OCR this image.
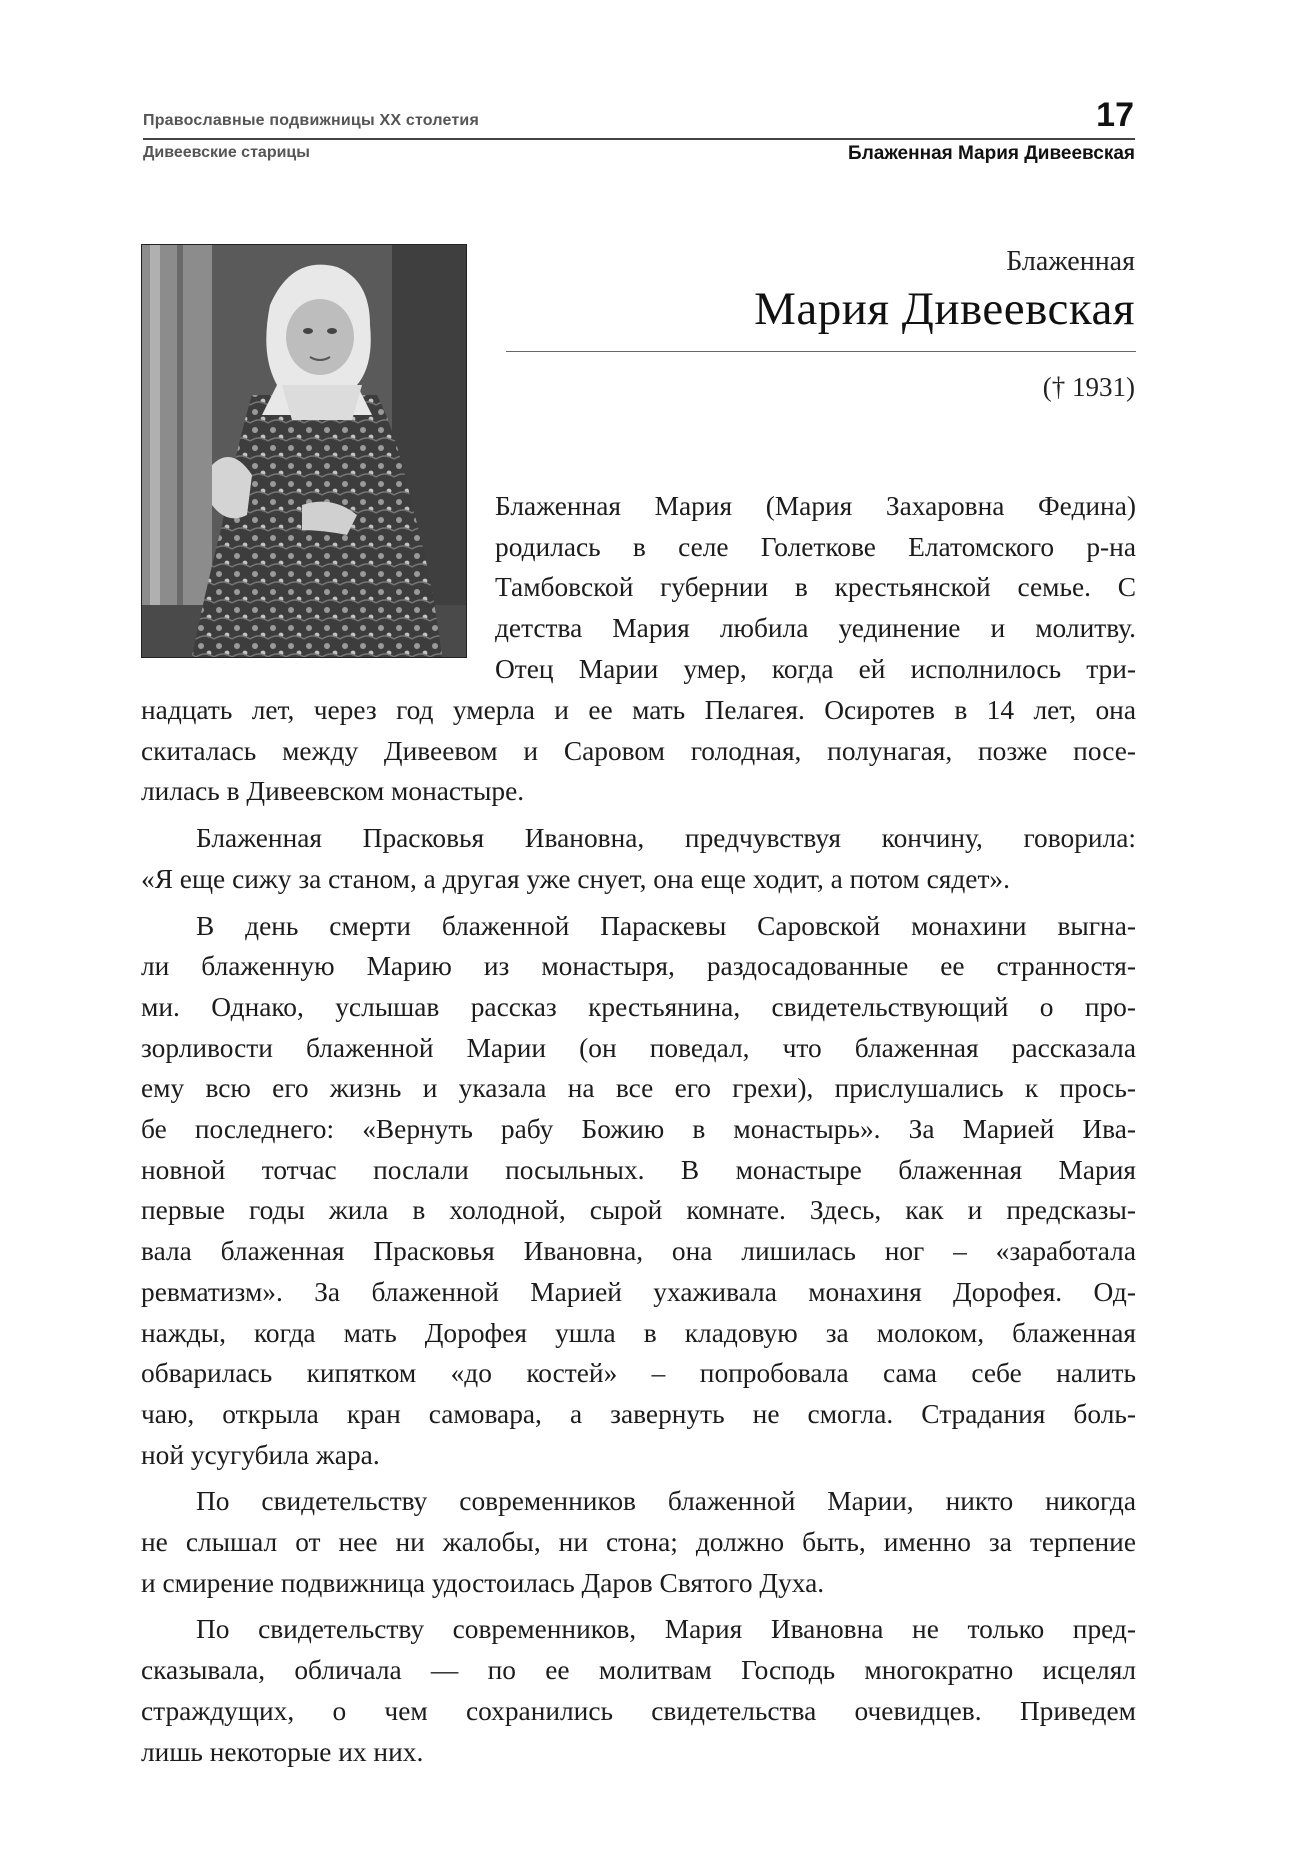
Православные подвижницы XX столетия	17
Дивеевские старицы	Блаженная Мария Дивеевская
Блаженная
Мария Дивеевская
(† 1931)

Блаженная Мария (Мария Захаровна Федина)

родилась в селе Голеткове Елатомского р-на

Тамбовской губернии в крестьянской семье. С

детства Мария любила уединение и молитву.

Отец Марии умер, когда ей исполнилось три-

надцать лет, через год умерла и ее мать Пелагея. Осиротев в 14 лет, она

скиталась между Дивеевом и Саровом голодная, полунагая, позже посе-

лилась в Дивеевском монастыре.

Блаженная Прасковья Ивановна, предчувствуя кончину, говорила:

«Я еще сижу за станом, а другая уже снует, она еще ходит, а потом сядет».

В день смерти блаженной Параскевы Саровской монахини выгна-

ли блаженную Марию из монастыря, раздосадованные ее странностя-

ми. Однако, услышав рассказ крестьянина, свидетельствующий о про-

зорливости блаженной Марии (он поведал, что блаженная рассказала

ему всю его жизнь и указала на все его грехи), прислушались к прось-

бе последнего: «Вернуть рабу Божию в монастырь». За Марией Ива-

новной тотчас послали посыльных. В монастыре блаженная Мария

первые годы жила в холодной, сырой комнате. Здесь, как и предсказы-

вала блаженная Прасковья Ивановна, она лишилась ног – «заработала

ревматизм». За блаженной Марией ухаживала монахиня Дорофея. Од-

нажды, когда мать Дорофея ушла в кладовую за молоком, блаженная

обварилась кипятком «до костей» – попробовала сама себе налить

чаю, открыла кран самовара, а завернуть не смогла. Страдания боль-

ной усугубила жара.

По свидетельству современников блаженной Марии, никто никогда

не слышал от нее ни жалобы, ни стона; должно быть, именно за терпение

и смирение подвижница удостоилась Даров Святого Духа.

По свидетельству современников, Мария Ивановна не только пред-

сказывала, обличала — по ее молитвам Господь многократно исцелял

страждущих, о чем сохранились свидетельства очевидцев. Приведем

лишь некоторые их них.
